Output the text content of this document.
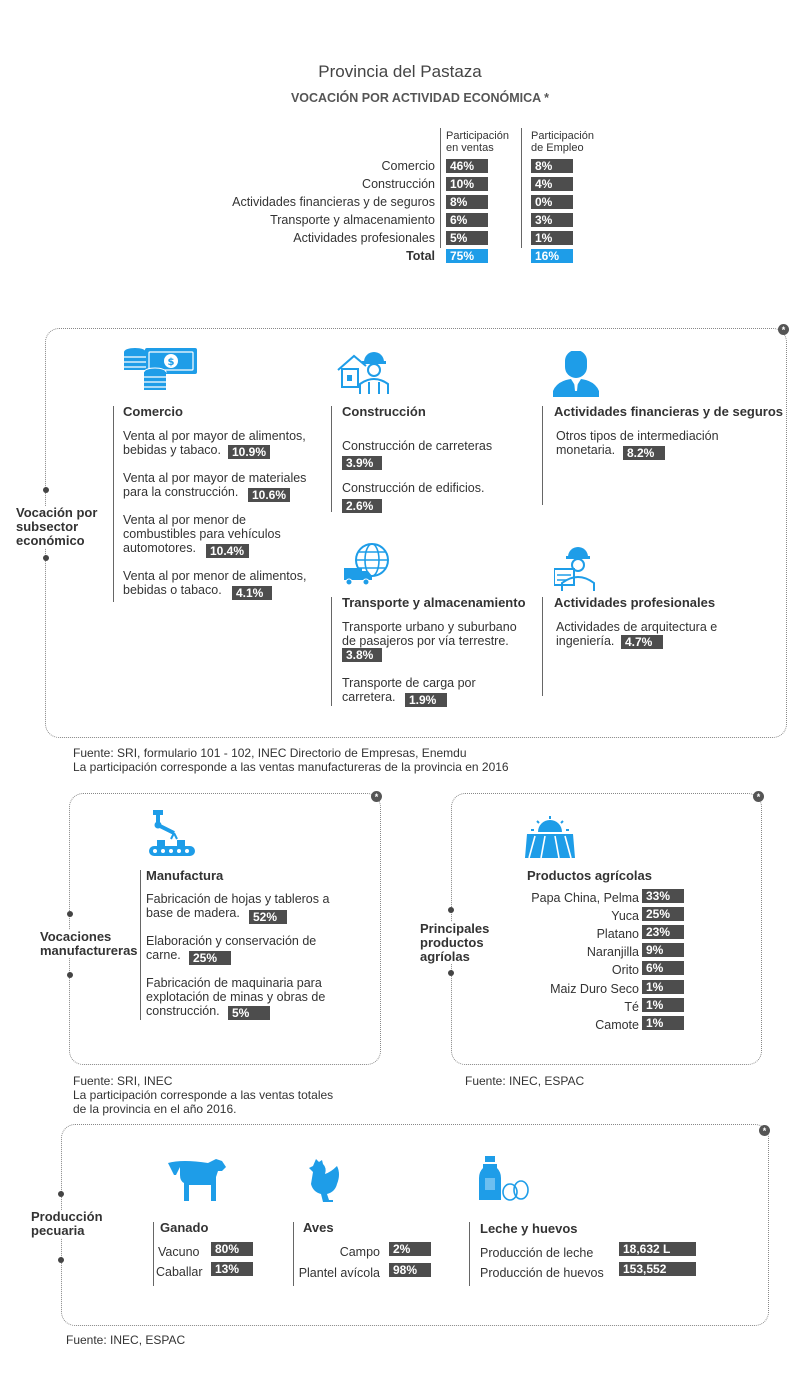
Provincia del Pastaza
VOCACIÓN POR ACTIVIDAD ECONÓMICA *
Participación
en ventas
Participación
de Empleo
Comercio	46%	8%
Construcción	10%	4%
Actividades financieras y de seguros	8%	0%
Transporte y almacenamiento	6%	3%
Actividades profesionales	5%	1%
Total	75%	16%
*
Vocación por
subsector
económico
$
Comercio
Venta al por mayor de alimentos,
bebidas y tabaco. 10.9%
Venta al por mayor de materiales
para la construcción.	10.6%
Venta al por menor de
combustibles para vehículos
automotores.	10.4%
Venta al por menor de alimentos,
bebidas o tabaco.	4.1%
Construcción
Construcción de carreteras
3.9%
Construcción de edificios.
2.6%
Actividades financieras y de seguros
Otros tipos de intermediación
monetaria. 8.2%
Transporte y almacenamiento
Transporte urbano y suburbano
de pasajeros por vía terrestre.
3.8%
Transporte de carga por
carretera.	1.9%
Actividades profesionales
Actividades de arquitectura e
ingeniería. 4.7%
Fuente: SRI, formulario 101 - 102, INEC Directorio de Empresas, Enemdu
La participación corresponde a las ventas manufactureras de la provincia en 2016
*
Vocaciones
manufactureras
Manufactura
Fabricación de hojas y tableros a
base de madera.	52%
Elaboración y conservación de
carne.	25%
Fabricación de maquinaria para
explotación de minas y obras de
construcción.	5%
Fuente: SRI, INEC
La participación corresponde a las ventas totales
de la provincia en el año 2016.
*
Principales
productos
agríolas
Productos agrícolas
Papa China, Pelma 33%
Yuca 25%
Platano 23%
Naranjilla 9%
Orito 6%
Maiz Duro Seco 1%
Té 1%
Camote 1%
Fuente: INEC, ESPAC
*
Producción
pecuaria	Ganado
Vacuno	80%
Caballar	13%
Aves
Campo	2%
Plantel avícola	98%
Leche y huevos
Producción de leche	18,632 L
Producción de huevos	153,552
Fuente: INEC, ESPAC
